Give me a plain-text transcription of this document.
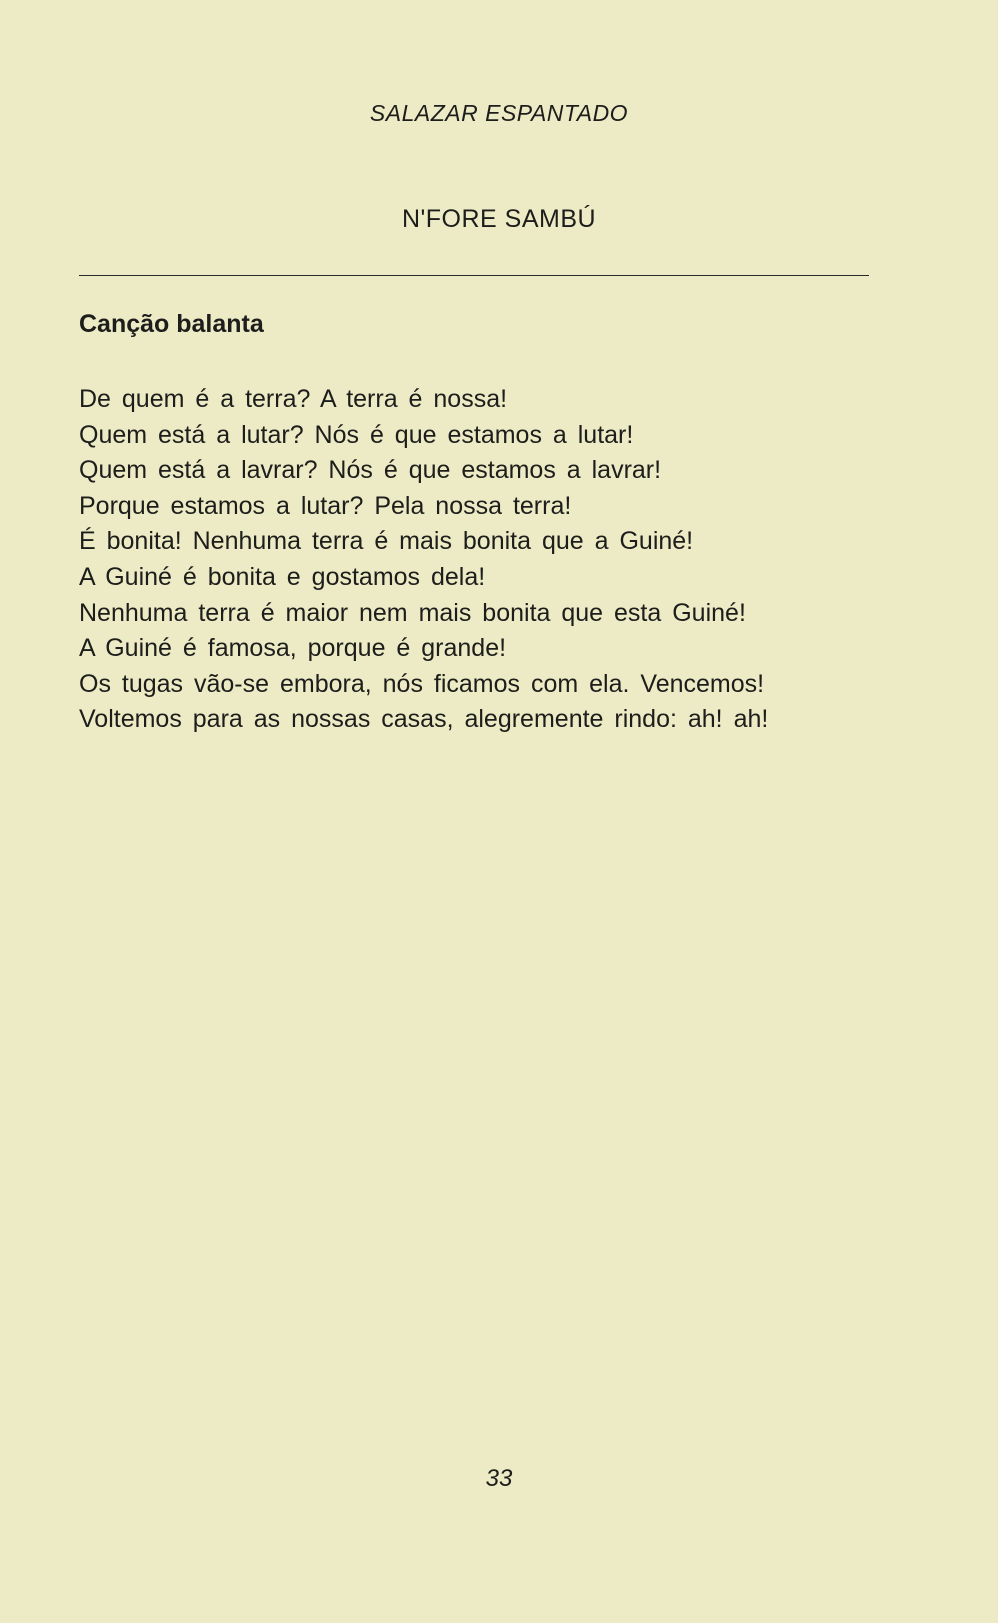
SALAZAR ESPANTADO
N'FORE SAMBÚ
Canção balanta
De quem é a terra? A terra é nossa!
Quem está a lutar? Nós é que estamos a lutar!
Quem está a lavrar? Nós é que estamos a lavrar!
Porque estamos a lutar? Pela nossa terra!
É bonita! Nenhuma terra é mais bonita que a Guiné!
A Guiné é bonita e gostamos dela!
Nenhuma terra é maior nem mais bonita que esta Guiné!
A Guiné é famosa, porque é grande!
Os tugas vão-se embora, nós ficamos com ela. Vencemos!
Voltemos para as nossas casas, alegremente rindo: ah! ah!
33
